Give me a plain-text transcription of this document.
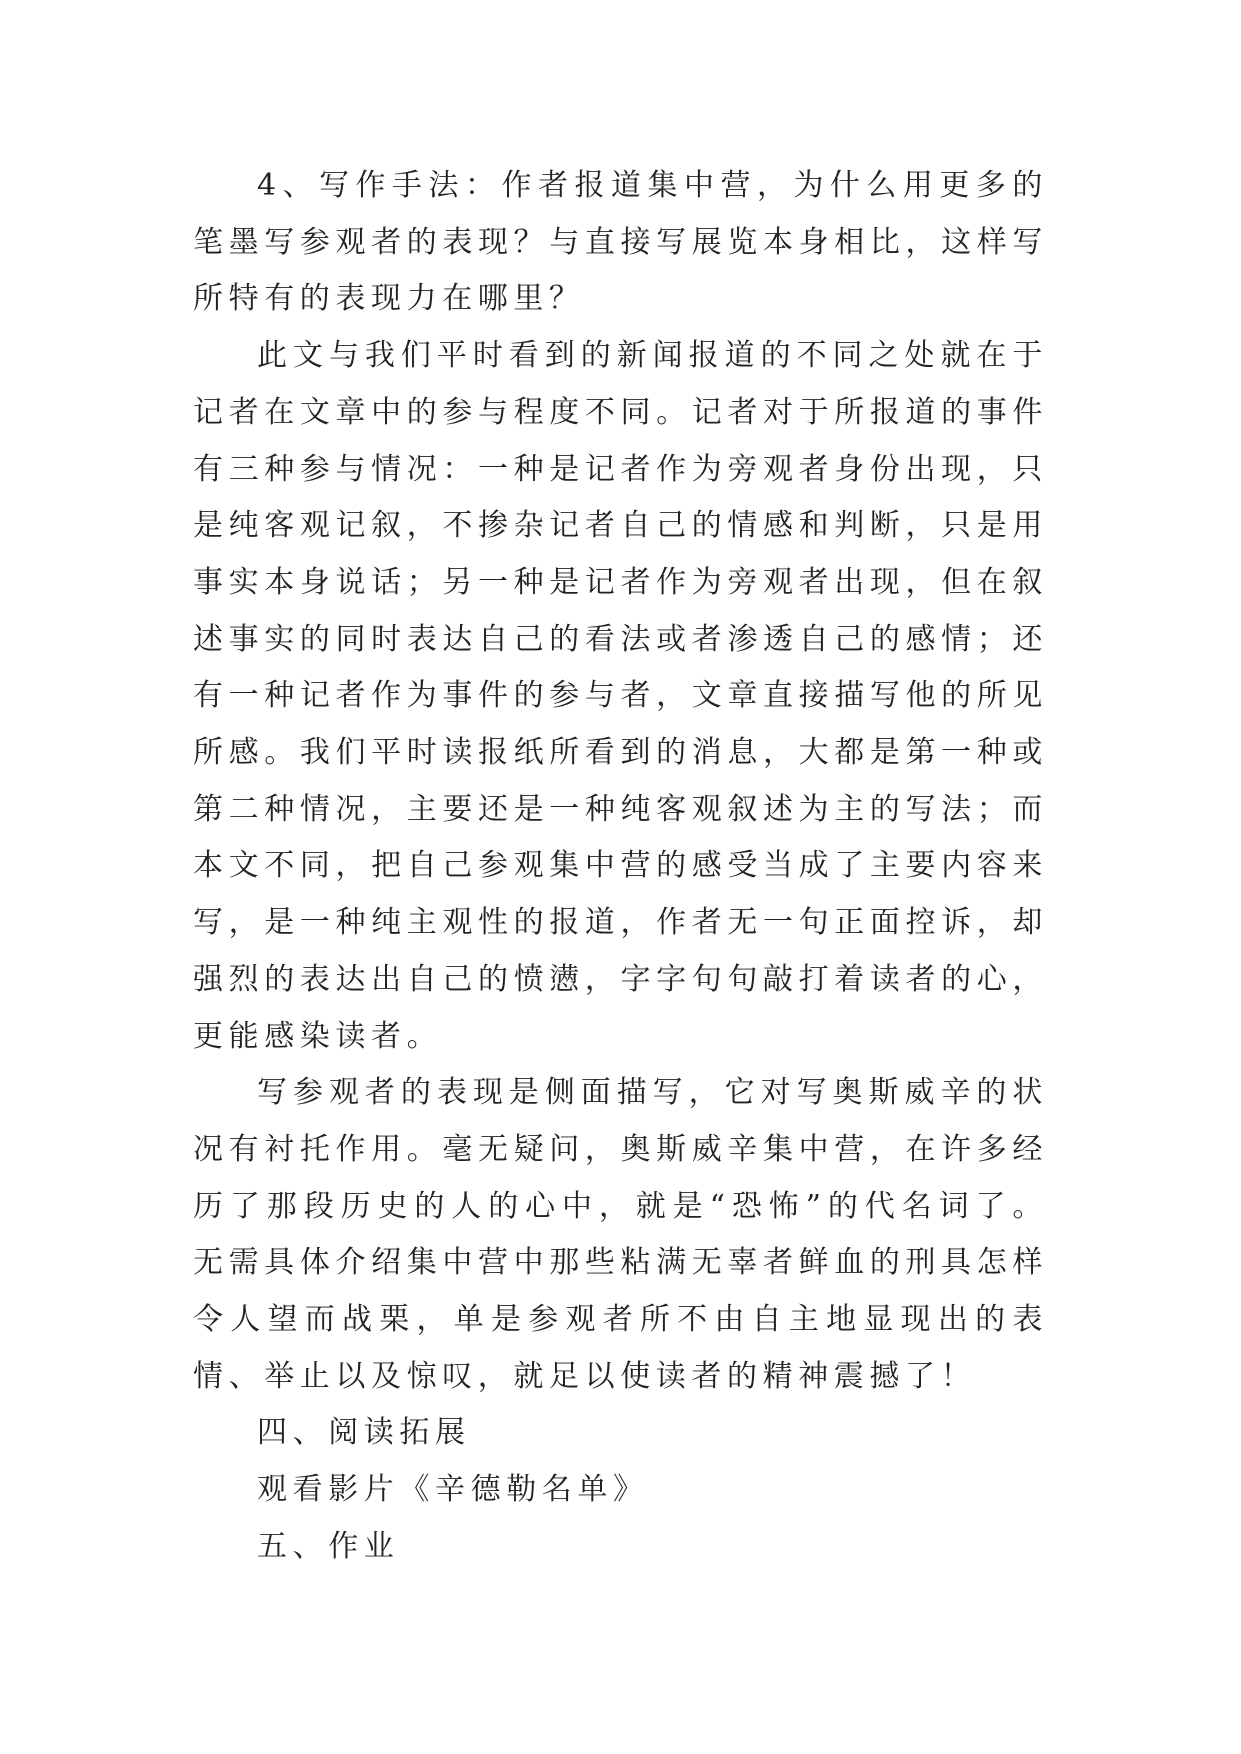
4、写作手法：作者报道集中营，为什么用更多的笔墨写参观者的表现？与直接写展览本身相比，这样写所特有的表现力在哪里？

此文与我们平时看到的新闻报道的不同之处就在于记者在文章中的参与程度不同。记者对于所报道的事件有三种参与情况：一种是记者作为旁观者身份出现，只是纯客观记叙，不掺杂记者自己的情感和判断，只是用事实本身说话；另一种是记者作为旁观者出现，但在叙述事实的同时表达自己的看法或者渗透自己的感情；还有一种记者作为事件的参与者，文章直接描写他的所见所感。我们平时读报纸所看到的消息，大都是第一种或第二种情况，主要还是一种纯客观叙述为主的写法；而本文不同，把自己参观集中营的感受当成了主要内容来写，是一种纯主观性的报道，作者无一句正面控诉，却强烈的表达出自己的愤懑，字字句句敲打着读者的心，更能感染读者。

写参观者的表现是侧面描写，它对写奥斯威辛的状况有衬托作用。毫无疑问，奥斯威辛集中营，在许多经历了那段历史的人的心中，就是“恐怖”的代名词了。无需具体介绍集中营中那些粘满无辜者鲜血的刑具怎样令人望而战栗，单是参观者所不由自主地显现出的表情、举止以及惊叹，就足以使读者的精神震撼了！

四、阅读拓展

观看影片《辛德勒名单》

五、作业
